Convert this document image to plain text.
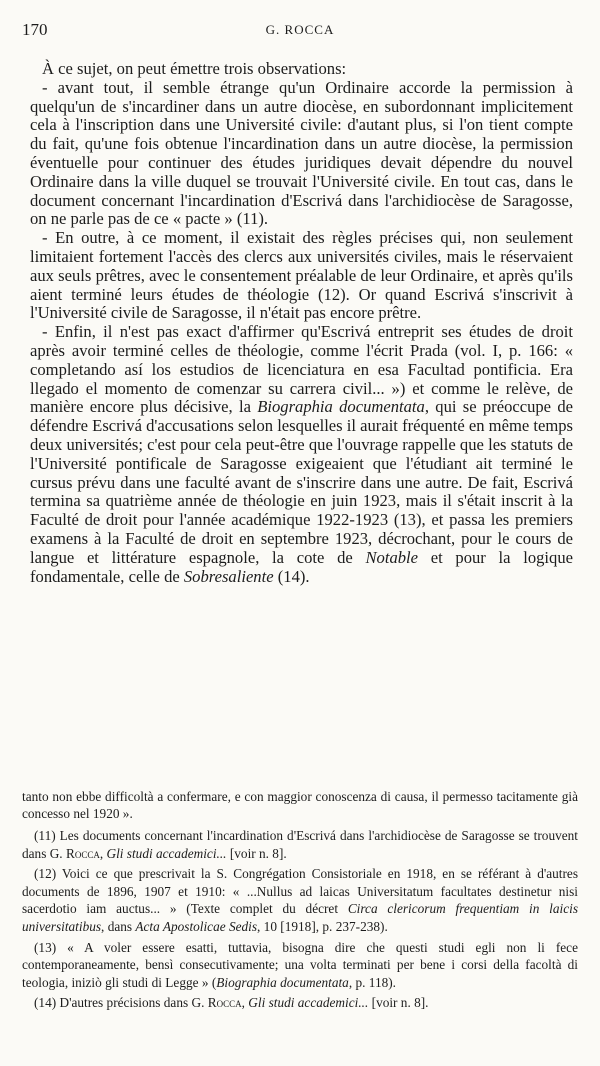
170	G. ROCCA

À ce sujet, on peut émettre trois observations:

- avant tout, il semble étrange qu'un Ordinaire accorde la permission à quelqu'un de s'incardiner dans un autre diocèse, en subordonnant implicitement cela à l'inscription dans une Université civile: d'autant plus, si l'on tient compte du fait, qu'une fois obtenue l'incardination dans un autre diocèse, la permission éventuelle pour continuer des études juridiques devait dépendre du nouvel Ordinaire dans la ville duquel se trouvait l'Université civile. En tout cas, dans le document concernant l'incardination d'Escrivá dans l'archidiocèse de Saragosse, on ne parle pas de ce « pacte » (11).

- En outre, à ce moment, il existait des règles précises qui, non seulement limitaient fortement l'accès des clercs aux universités civiles, mais le réservaient aux seuls prêtres, avec le consentement préalable de leur Ordinaire, et après qu'ils aient terminé leurs études de théologie (12). Or quand Escrivá s'inscrivit à l'Université civile de Saragosse, il n'était pas encore prêtre.

- Enfin, il n'est pas exact d'affirmer qu'Escrivá entreprit ses études de droit après avoir terminé celles de théologie, comme l'écrit Prada (vol. I, p. 166: « completando así los estudios de licenciatura en esa Facultad pontificia. Era llegado el momento de comenzar su carrera civil... ») et comme le relève, de manière encore plus décisive, la Biographia documentata, qui se préoccupe de défendre Escrivá d'accusations selon lesquelles il aurait fréquenté en même temps deux universités; c'est pour cela peut-être que l'ouvrage rappelle que les statuts de l'Université pontificale de Saragosse exigeaient que l'étudiant ait terminé le cursus prévu dans une faculté avant de s'inscrire dans une autre. De fait, Escrivá termina sa quatrième année de théologie en juin 1923, mais il s'était inscrit à la Faculté de droit pour l'année académique 1922-1923 (13), et passa les premiers examens à la Faculté de droit en septembre 1923, décrochant, pour le cours de langue et littérature espagnole, la cote de Notable et pour la logique fondamentale, celle de Sobresaliente (14).

tanto non ebbe difficoltà a confermare, e con maggior conoscenza di causa, il permesso tacitamente già concesso nel 1920 ».

(11) Les documents concernant l'incardination d'Escrivá dans l'archidiocèse de Saragosse se trouvent dans G. Rocca, Gli studi accademici... [voir n. 8].

(12) Voici ce que prescrivait la S. Congrégation Consistoriale en 1918, en se référant à d'autres documents de 1896, 1907 et 1910: « ...Nullus ad laicas Universitatum facultates destinetur nisi sacerdotio iam auctus... » (Texte complet du décret Circa clericorum frequentiam in laicis universitatibus, dans Acta Apostolicae Sedis, 10 [1918], p. 237-238).

(13) « A voler essere esatti, tuttavia, bisogna dire che questi studi egli non li fece contemporaneamente, bensì consecutivamente; una volta terminati per bene i corsi della facoltà di teologia, iniziò gli studi di Legge » (Biographia documentata, p. 118).

(14) D'autres précisions dans G. Rocca, Gli studi accademici... [voir n. 8].
